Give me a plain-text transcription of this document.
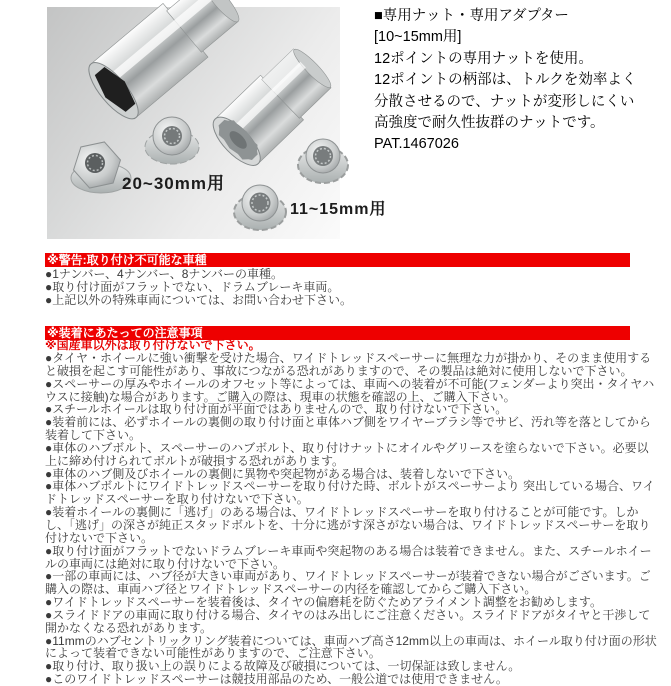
20~30mm用
11~15mm用
■専用ナット・専用アダプター
[10~15mm用]
12ポイントの専用ナットを使用。
12ポイントの柄部は、トルクを効率よく
分散させるので、ナットが変形しにくい
高強度で耐久性抜群のナットです。
PAT.1467026
※警告:取り付け不可能な車種
●1ナンバー、4ナンバー、8ナンバーの車種。
●取り付け面がフラットでない、ドラムブレーキ車両。
●上記以外の特殊車両については、お問い合わせ下さい。
※装着にあたっての注意事項
※国産車以外は取り付けないで下さい。
●タイヤ・ホイールに強い衝撃を受けた場合、ワイドトレッドスペーサーに無理な力が掛かり、そのまま使用すると破損を起こす可能性があり、事故につながる恐れがありますので、その製品は絶対に使用しないで下さい。
●スペーサーの厚みやホイールのオフセット等によっては、車両への装着が不可能(フェンダーより突出・タイヤハウスに接触)な場合があります。ご購入の際は、現車の状態を確認の上、ご購入下さい。
●スチールホイールは取り付け面が平面ではありませんので、取り付けないで下さい。
●装着前には、必ずホイールの裏側の取り付け面と車体ハブ側をワイヤーブラシ等でサビ、汚れ等を落としてから装着して下さい。
●車体のハブボルト、スペーサーのハブボルト、取り付けナットにオイルやグリースを塗らないで下さい。必要以上に締め付けられてボルトが破損する恐れがあります。
●車体のハブ側及びホイールの裏側に異物や突起物がある場合は、装着しないで下さい。
●車体ハブボルトにワイドトレッドスペーサーを取り付けた時、ボルトがスペーサーより 突出している場合、ワイドトレッドスペーサーを取り付けないで下さい。
●装着ホイールの裏側に「逃げ」のある場合は、ワイドトレッドスペーサーを取り付けることが可能です。しかし、「逃げ」の深さが純正スタッドボルトを、十分に逃がす深さがない場合は、ワイドトレッドスペーサーを取り付けないで下さい。
●取り付け面がフラットでないドラムブレーキ車両や突起物のある場合は装着できません。また、スチールホイールの車両には絶対に取り付けないで下さい。
●一部の車両には、ハブ径が大きい車両があり、ワイドトレッドスペーサーが装着できない場合がございます。ご購入の際は、車両ハブ径とワイドトレッドスペーサーの内径を確認してからご購入下さい。
●ワイドトレッドスペーサーを装着後は、タイヤの偏磨耗を防ぐためアライメント調整をお勧めします。
●スライドドアの車両に取り付ける場合、タイヤのはみ出しにご注意ください。スライドドアがタイヤと干渉して開かなくなる恐れがあります。
●11mmのハブセントリックリング装着については、車両ハブ高さ12mm以上の車両は、ホイール取り付け面の形状によって装着できない可能性がありますので、ご注意下さい。
●取り付け、取り扱い上の誤りによる故障及び破損については、一切保証は致しません。
●このワイドトレッドスペーサーは競技用部品のため、一般公道では使用できません。
